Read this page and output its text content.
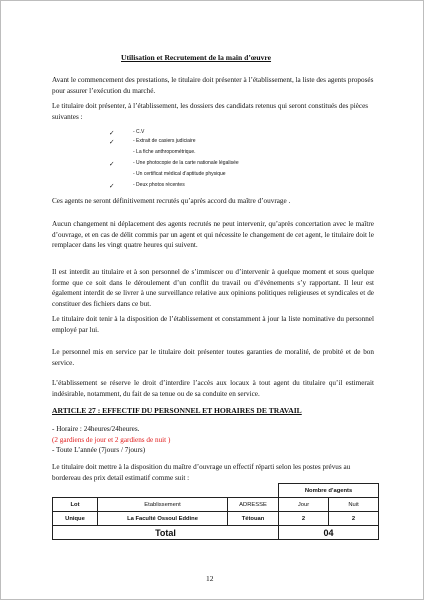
Utilisation et Recrutement de la main d’œuvre
Avant le commencement des prestations, le titulaire doit présenter à l’établissement, la liste des agents proposés pour assurer l’exécution du marché.
Le titulaire doit présenter, à l’établissement, les dossiers des candidats retenus qui seront constitués des pièces suivantes :
✓	- C.V
✓	- Extrait de casiers judiciaire
- La fiche anthropométrique.
✓	- Une photocopie de la carte nationale légalisée
- Un certificat médical d’aptitude physique
✓	- Deux photos récentes
Ces agents ne seront définitivement recrutés qu’après accord du maître d’ouvrage .
Aucun changement ni déplacement des agents recrutés ne peut intervenir, qu’après concertation avec le maître d’ouvrage, et en cas de délit commis par un agent et qui nécessite le changement de cet agent, le titulaire doit le remplacer dans les vingt quatre heures qui suivent.
Il est interdit au titulaire et à son personnel de s’immiscer ou d’intervenir à quelque moment et sous quelque forme que ce soit dans le déroulement d’un conflit du travail ou d’événements s’y rapportant. Il leur est également interdit de se livrer à une surveillance relative aux opinions politiques religieuses et syndicales et de constituer des fichiers dans ce but.
Le titulaire doit tenir à la disposition de l’établissement et constamment à jour la liste nominative du personnel employé par lui.
Le personnel mis en service par le titulaire doit présenter toutes garanties de moralité, de probité et de bon service.
L’établissement se réserve le droit d’interdire l’accès aux locaux à tout agent du titulaire qu’il estimerait indésirable, notamment, du fait de sa tenue ou de sa conduite en service.
ARTICLE 27 : EFFECTIF DU PERSONNEL ET HORAIRES DE TRAVAIL
- Horaire : 24heures/24heures.
(2 gardiens de jour et 2 gardiens de nuit )
- Toute L’année (7jours / 7jours)
Le titulaire doit mettre à la disposition du maître d’ouvrage un effectif réparti selon les postes prévus au bordereau des prix detail estimatif comme suit :
			Nombre d’agents	
Lot	Etablissement	ADRESSE	Jour	Nuit
Unique	La Faculté Ossoul Eddine	Tétouan	2	2
Total			04	
12
